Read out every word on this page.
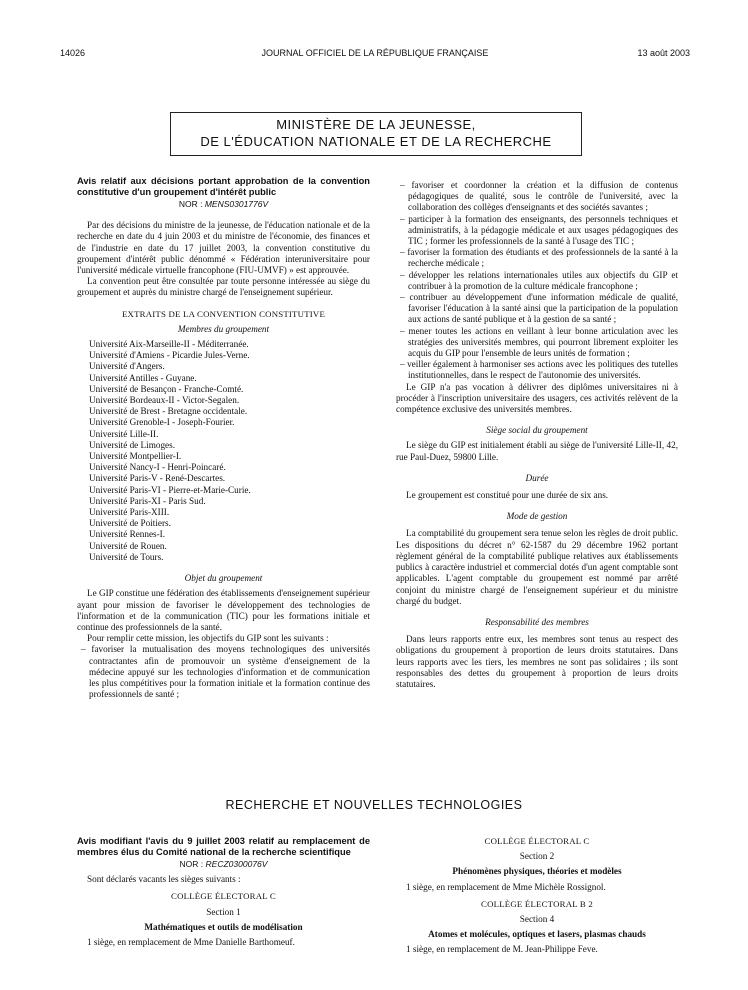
14026	JOURNAL OFFICIEL DE LA RÉPUBLIQUE FRANÇAISE	13 août 2003
MINISTÈRE DE LA JEUNESSE,
DE L'ÉDUCATION NATIONALE ET DE LA RECHERCHE

Avis relatif aux décisions portant approbation de la convention constitutive d'un groupement d'intérêt public

NOR : MENS0301776V

Par des décisions du ministre de la jeunesse, de l'éducation nationale et de la recherche en date du 4 juin 2003 et du ministre de l'économie, des finances et de l'industrie en date du 17 juillet 2003, la convention constitutive du groupement d'intérêt public dénommé « Fédération interuniversitaire pour l'université médicale virtuelle francophone (FIU-UMVF) » est approuvée.

La convention peut être consultée par toute personne intéressée au siège du groupement et auprès du ministre chargé de l'enseignement supérieur.

EXTRAITS DE LA CONVENTION CONSTITUTIVE

Membres du groupement

Université Aix-Marseille-II - Méditerranée.
Université d'Amiens - Picardie Jules-Verne.
Université d'Angers.
Université Antilles - Guyane.
Université de Besançon - Franche-Comté.
Université Bordeaux-II - Victor-Segalen.
Université de Brest - Bretagne occidentale.
Université Grenoble-I - Joseph-Fourier.
Université Lille-II.
Université de Limoges.
Université Montpellier-I.
Université Nancy-I - Henri-Poincaré.
Université Paris-V - René-Descartes.
Université Paris-VI - Pierre-et-Marie-Curie.
Université Paris-XI - Paris Sud.
Université Paris-XIII.
Université de Poitiers.
Université Rennes-I.
Université de Rouen.
Université de Tours.

Objet du groupement

Le GIP constitue une fédération des établissements d'enseignement supérieur ayant pour mission de favoriser le développement des technologies de l'information et de la communication (TIC) pour les formations initiale et continue des professionnels de la santé.

Pour remplir cette mission, les objectifs du GIP sont les suivants :

– favoriser la mutualisation des moyens technologiques des universités contractantes afin de promouvoir un système d'enseignement de la médecine appuyé sur les technologies d'information et de communication les plus compétitives pour la formation initiale et la formation continue des professionnels de santé ;
– favoriser et coordonner la création et la diffusion de contenus pédagogiques de qualité, sous le contrôle de l'université, avec la collaboration des collèges d'enseignants et des sociétés savantes ;
– participer à la formation des enseignants, des personnels techniques et administratifs, à la pédagogie médicale et aux usages pédagogiques des TIC ; former les professionnels de la santé à l'usage des TIC ;
– favoriser la formation des étudiants et des professionnels de la santé à la recherche médicale ;
– développer les relations internationales utiles aux objectifs du GIP et contribuer à la promotion de la culture médicale francophone ;
– contribuer au développement d'une information médicale de qualité, favoriser l'éducation à la santé ainsi que la participation de la population aux actions de santé publique et à la gestion de sa santé ;
– mener toutes les actions en veillant à leur bonne articulation avec les stratégies des universités membres, qui pourront librement exploiter les acquis du GIP pour l'ensemble de leurs unités de formation ;
– veiller également à harmoniser ses actions avec les politiques des tutelles institutionnelles, dans le respect de l'autonomie des universités.

Le GIP n'a pas vocation à délivrer des diplômes universitaires ni à procéder à l'inscription universitaire des usagers, ces activités relèvent de la compétence exclusive des universités membres.

Siège social du groupement

Le siège du GIP est initialement établi au siège de l'université Lille-II, 42, rue Paul-Duez, 59800 Lille.

Durée

Le groupement est constitué pour une durée de six ans.

Mode de gestion

La comptabilité du groupement sera tenue selon les règles de droit public. Les dispositions du décret n° 62-1587 du 29 décembre 1962 portant règlement général de la comptabilité publique relatives aux établissements publics à caractère industriel et commercial dotés d'un agent comptable sont applicables. L'agent comptable du groupement est nommé par arrêté conjoint du ministre chargé de l'enseignement supérieur et du ministre chargé du budget.

Responsabilité des membres

Dans leurs rapports entre eux, les membres sont tenus au respect des obligations du groupement à proportion de leurs droits statutaires. Dans leurs rapports avec les tiers, les membres ne sont pas solidaires ; ils sont responsables des dettes du groupement à proportion de leurs droits statutaires.

RECHERCHE ET NOUVELLES TECHNOLOGIES

Avis modifiant l'avis du 9 juillet 2003 relatif au remplacement de membres élus du Comité national de la recherche scientifique

NOR : RECZ0300076V

Sont déclarés vacants les sièges suivants :

COLLÈGE ÉLECTORAL C

Section 1

Mathématiques et outils de modélisation

1 siège, en remplacement de Mme Danielle Barthomeuf.

COLLÈGE ÉLECTORAL C

Section 2

Phénomènes physiques, théories et modèles

1 siège, en remplacement de Mme Michèle Rossignol.

COLLÈGE ÉLECTORAL B 2

Section 4

Atomes et molécules, optiques et lasers, plasmas chauds

1 siège, en remplacement de M. Jean-Philippe Feve.
